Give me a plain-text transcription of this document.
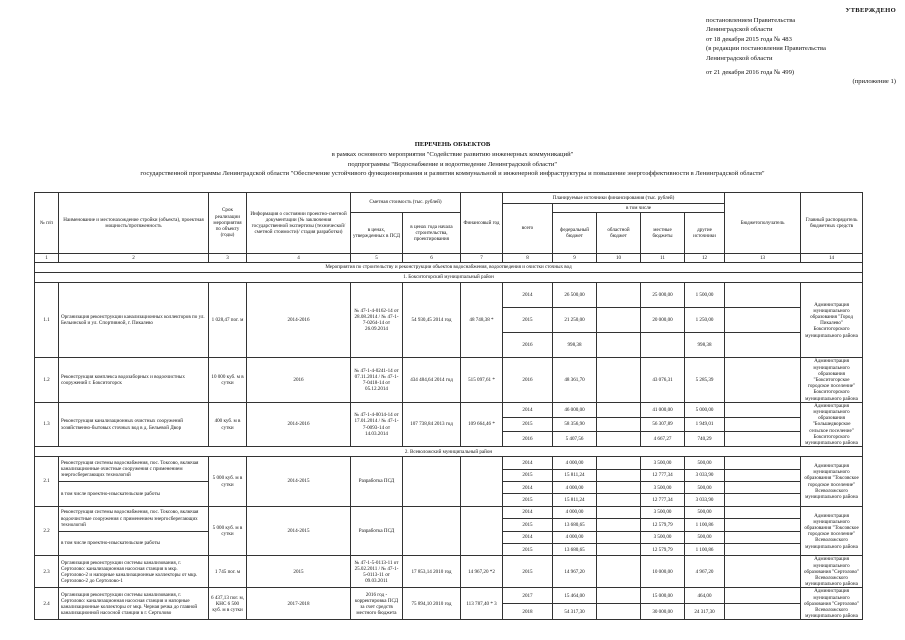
УТВЕРЖДЕНО
постановлением Правительства
Ленинградской области
от 18 декабря 2015 года № 483
(в редакции постановления Правительства
Ленинградской области
от 21 декабря 2016 года № 499)
(приложение 1)
ПЕРЕЧЕНЬ ОБЪЕКТОВ
в рамках основного мероприятия "Содействие развитию инженерных коммуникаций"
подпрограммы "Водоснабжение и водоотведение Ленинградской области"
государственной программы Ленинградской области "Обеспечение устойчивого функционирования и развития коммунальной и инженерной инфраструктуры и повышение энергоэффективности в Ленинградской области"
№ п/п	Наименование и местонахождение стройки (объекта), проектная мощность/протяженность	Срок реализации мероприятия по объекту (годы)	Информация о состоянии проектно-сметной документации (№ заключения государственной экспертизы (технической/сметной стоимости)/ стадия разработки)	Сметная стоимость (тыс. рублей)		Финансовый год	Планируемые источники финансирования (тыс. рублей)					Бюджетополучатель	Главный распорядитель бюджетных средств	
							всего	в том числе						
				в ценах, утвержденных в ПСД	в ценах года начала строительства, проектирования			федеральный бюджет	областной бюджет	местные бюджеты	другие источники			
1	2	3	4	5	6	7	8	9	10	11	12	13	14	
Мероприятия по строительству и реконструкции объектов водоснабжения, водоотведения и очистки сточных вод														
1. Бокситогорский муниципальный район														
1.1	Организация реконструкции канализационных коллекторов по ул. Бельинской и ул. Спортивной, г. Пикалево	1 028,47 пог. м	2014-2016	№ 47-1-4-0162-14 от 28.08.2014 / № 47-1-7-0264-14 от 26.09.2014	54 930,45 2014 год	48 748,38 *	2014	26 500,00		25 000,00	1 500,00		Администрация муниципального образования "Город Пикалево" Бокситогорского муниципального района	
							2015	21 250,00		20 000,00	1 250,00			
							2016	998,38			998,38			
1.2	Реконструкция комплекса водозаборных и водоочистных сооружений г. Бокситогорск	10 000 куб. м в сутки	2016	№ 47-1-4-0241-14 от 07.11.2014 / № 47-1-7-0418-14 от 05.12.2014	434 484,64 2014 год	515 097,61 *	2016	48 361,70		43 076,31	5 285,39		Администрация муниципального образования "Бокситогорское городское поселение" Бокситогорского муниципального района	
1.3	Реконструкция канализационных очистных сооружений хозяйственно-бытовых сточных вод в д. Бельевой Двор	400 куб. м в сутки	2014-2016	№ 47-1-4-0014-14 от 17.01.2014 / № 47-1-7-0093-14 от 14.03.2014	107 738,84 2013 год	109 664,46 *	2014	46 000,00		41 000,00	5 000,00		Администрация муниципального образования "Большедворское сельское поселение" Бокситогорского муниципального района	
							2015	58 356,90		56 307,89	1 949,01			
							2016	5 407,56		4 667,27	740,29			
2. Всеволожский муниципальный район														
2.1	Реконструкция системы водоснабжения, пос. Токсово, включая канализационные очистные сооружения с применением энергосберегающих технологий	5 000 куб. м в сутки	2014-2015	Разработка ПСД			2014	4 000,00		3 500,00	500,00		Администрация муниципального образования "Токсовское городское поселение" Всеволожского муниципального района	
							2015	15 811,24		12 777,34	3 033,90			
	в том числе проектно-изыскательские работы						2014	4 000,00		3 500,00	500,00			
							2015	15 811,24		12 777,34	3 033,90			
2.2	Реконструкция системы водоснабжения, пос. Токсово, включая водоочистные сооружения с применением энергосберегающих технологий	5 000 куб. м в сутки	2014-2015	Разработка ПСД			2014	4 000,00		3 500,00	500,00		Администрация муниципального образования "Токсовское городское поселение" Всеволожского муниципального района	
							2015	13 680,65		12 579,79	1 100,86			
	в том числе проектно-изыскательские работы						2014	4 000,00		3 500,00	500,00			
							2015	13 680,65		12 579,79	1 100,86			
2.3	Организация реконструкции системы канализования, г. Сертолово: канализационная насосная станция в мкр. Сертолово-2 и напорные канализационные коллекторы от мкр. Сертолово-2 до Сертолово-1	1 745 пог. м	2015	№ 47-1-5-0113-11 от 25.02.2011 / № 47-1-5-0113-11 от 09.03.2011	17 853,14 2010 год	14 967,20 *2	2015	14 967,20		10 000,00	4 967,20		Администрация муниципального образования "Сертолово" Всеволожского муниципального района	
2.4	Организация реконструкции системы канализования, г. Сертолово: канализационная насосная станция и напорные канализационные коллекторы от мкр. Черная речка до главной канализационной насосной станции в г. Сертолово	6 437,13 пог. м, КНС 6 500 куб. м в сутки	2017-2018	2016 год - корректировка ПСД за счет средств местного бюджета	75 894,10 2010 год	113 787,40 * 3	2017	15 464,00		15 000,00	464,00		Администрация муниципального образования "Сертолово" Всеволожского муниципального района	
							2018	54 317,30		30 000,00	24 317,30			
